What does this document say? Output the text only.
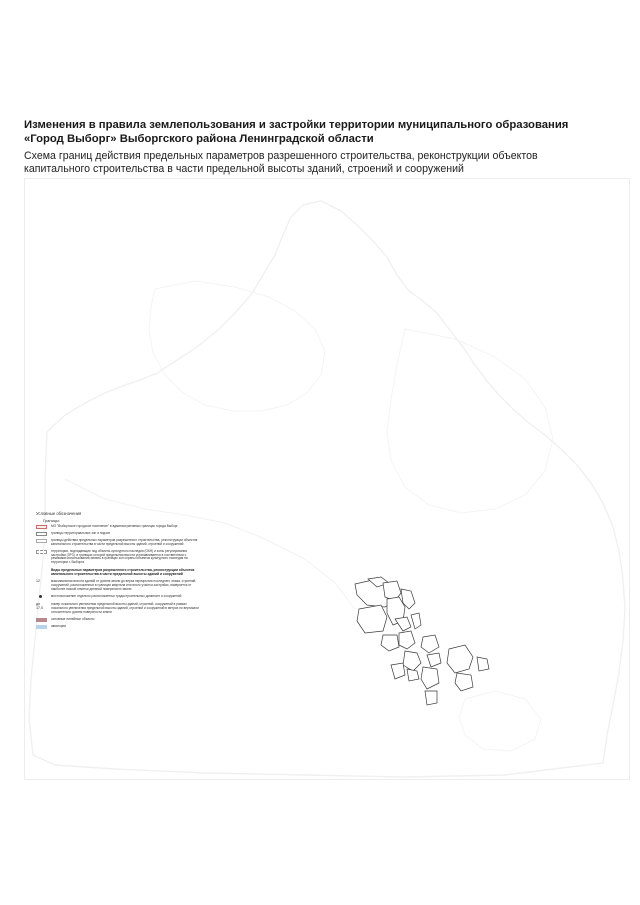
Изменения в правила землепользования и застройки территории муниципального образования
«Город Выборг» Выборгского района Ленинградской области
Схема границ действия предельных параметров разрешенного строительства, реконструкции объектов
капитального строительства в части предельной высоты зданий, строений и сооружений
Условные обозначения
Границы:
МО "Выборгское городское поселение" в административных границах города Выборг
границы территориальных зон и подзон
границы действия предельных параметров разрешенного строительства, реконструкции объектов капитального строительства в части предельной высоты зданий, строений и сооружений
территории, подпадающие под объекты культурного наследия (ОКН) и зоны регулирования застройки (ЗРЗ), в границах которой предельная высота устанавливается в соответствии с режимами использования земель в границах зон охраны объектов культурного наследия на территории г. Выборга
Виды предельных параметров разрешенного строительства, реконструкции объектов капитального строительства в части предельной высоты зданий и сооружений
12	максимальная высота зданий от уровня земли до верха перекрытия последнего этажа, строений, сооружений, расположенных в границах квартала или иного участка застройки, измеряется от наиболее низкой отметки дневной поверхности земли
местоположение отдельно расположенных градостроительных доминант и сооружений
до 17,5
номер локального увеличения предельной высоты зданий, строений, сооружений в рамках локального увеличения предельной высоты зданий, строений и сооружений в метрах по вертикали относительно уровня поверхности земли
основные линейные объекты
акватории
